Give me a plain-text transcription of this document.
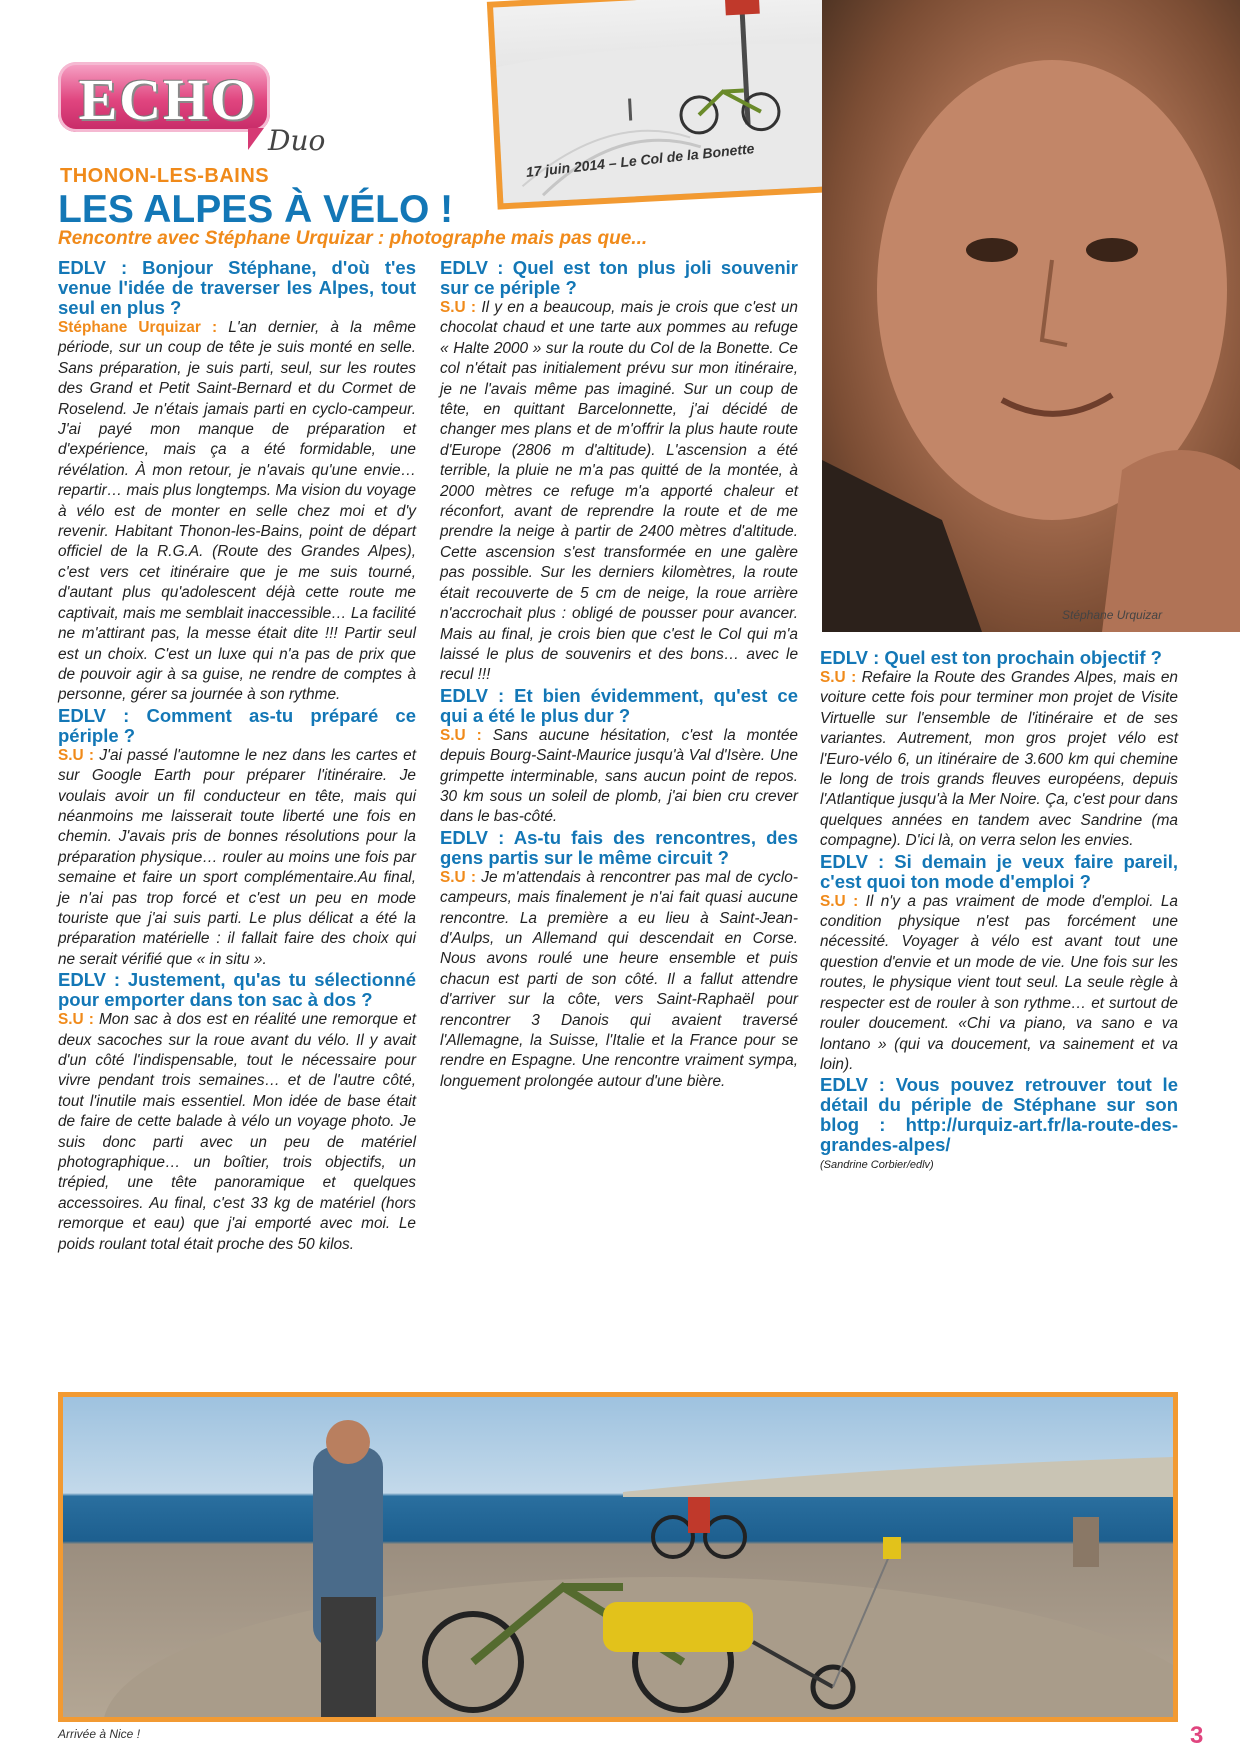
ECHO
Duo
THONON-LES-BAINS
LES ALPES À VÉLO !
Rencontre avec Stéphane Urquizar : photographe mais pas que...
17 juin 2014 – Le Col de la Bonette
Stéphane Urquizar

EDLV : Bonjour Stéphane, d'où t'es venue l'idée de traverser les Alpes, tout seul en plus ?

Stéphane Urquizar : L'an dernier, à la même période, sur un coup de tête je suis monté en selle. Sans préparation, je suis parti, seul, sur les routes des Grand et Petit Saint-Bernard et du Cormet de Roselend. Je n'étais jamais parti en cyclo-campeur. J'ai payé mon manque de préparation et d'expérience, mais ça a été formidable, une révélation. À mon retour, je n'avais qu'une envie… repartir… mais plus longtemps. Ma vision du voyage à vélo est de monter en selle chez moi et d'y revenir. Habitant Thonon-les-Bains, point de départ officiel de la R.G.A. (Route des Grandes Alpes), c'est vers cet itinéraire que je me suis tourné, d'autant plus qu'adolescent déjà cette route me captivait, mais me semblait inaccessible… La facilité ne m'attirant pas, la messe était dite !!! Partir seul est un choix. C'est un luxe qui n'a pas de prix que de pouvoir agir à sa guise, ne rendre de comptes à personne, gérer sa journée à son rythme.

EDLV : Comment as-tu préparé ce périple ?

S.U : J'ai passé l'automne le nez dans les cartes et sur Google Earth pour préparer l'itinéraire. Je voulais avoir un fil conducteur en tête, mais qui néanmoins me laisserait toute liberté une fois en chemin. J'avais pris de bonnes résolutions pour la préparation physique… rouler au moins une fois par semaine et faire un sport complémentaire.Au final, je n'ai pas trop forcé et c'est un peu en mode touriste que j'ai suis parti. Le plus délicat a été la préparation matérielle : il fallait faire des choix qui ne serait vérifié que « in situ ».

EDLV : Justement, qu'as tu sélectionné pour emporter dans ton sac à dos ?

S.U : Mon sac à dos est en réalité une remorque et deux sacoches sur la roue avant du vélo. Il y avait d'un côté l'indispensable, tout le nécessaire pour vivre pendant trois semaines… et de l'autre côté, tout l'inutile mais essentiel. Mon idée de base était de faire de cette balade à vélo un voyage photo. Je suis donc parti avec un peu de matériel photographique… un boîtier, trois objectifs, un trépied, une tête panoramique et quelques accessoires. Au final, c'est 33 kg de matériel (hors remorque et eau) que j'ai emporté avec moi. Le poids roulant total était proche des 50 kilos.

EDLV : Quel est ton plus joli souvenir sur ce périple ?

S.U : Il y en a beaucoup, mais je crois que c'est un chocolat chaud et une tarte aux pommes au refuge « Halte 2000 » sur la route du Col de la Bonette. Ce col n'était pas initialement prévu sur mon itinéraire, je ne l'avais même pas imaginé. Sur un coup de tête, en quittant Barcelonnette, j'ai décidé de changer mes plans et de m'offrir la plus haute route d'Europe (2806 m d'altitude). L'ascension a été terrible, la pluie ne m'a pas quitté de la montée, à 2000 mètres ce refuge m'a apporté chaleur et réconfort, avant de reprendre la route et de me prendre la neige à partir de 2400 mètres d'altitude. Cette ascension s'est transformée en une galère pas possible. Sur les derniers kilomètres, la route était recouverte de 5 cm de neige, la roue arrière n'accrochait plus : obligé de pousser pour avancer. Mais au final, je crois bien que c'est le Col qui m'a laissé le plus de souvenirs et des bons… avec le recul !!!

EDLV : Et bien évidemment, qu'est ce qui a été le plus dur ?

S.U : Sans aucune hésitation, c'est la montée depuis Bourg-Saint-Maurice jusqu'à Val d'Isère. Une grimpette interminable, sans aucun point de repos. 30 km sous un soleil de plomb, j'ai bien cru crever dans le bas-côté.

EDLV : As-tu fais des rencontres, des gens partis sur le même circuit ?

S.U : Je m'attendais à rencontrer pas mal de cyclo-campeurs, mais finalement je n'ai fait quasi aucune rencontre. La première a eu lieu à Saint-Jean-d'Aulps, un Allemand qui descendait en Corse. Nous avons roulé une heure ensemble et puis chacun est parti de son côté. Il a fallut attendre d'arriver sur la côte, vers Saint-Raphaël pour rencontrer 3 Danois qui avaient traversé l'Allemagne, la Suisse, l'Italie et la France pour se rendre en Espagne. Une rencontre vraiment sympa, longuement prolongée autour d'une bière.

EDLV : Quel est ton prochain objectif ?

S.U : Refaire la Route des Grandes Alpes, mais en voiture cette fois pour terminer mon projet de Visite Virtuelle sur l'ensemble de l'itinéraire et de ses variantes. Autrement, mon gros projet vélo est l'Euro-vélo 6, un itinéraire de 3.600 km qui chemine le long de trois grands fleuves européens, depuis l'Atlantique jusqu'à la Mer Noire. Ça, c'est pour dans quelques années en tandem avec Sandrine (ma compagne). D'ici là, on verra selon les envies.

EDLV : Si demain je veux faire pareil, c'est quoi ton mode d'emploi ?

S.U : Il n'y a pas vraiment de mode d'emploi. La condition physique n'est pas forcément une nécessité. Voyager à vélo est avant tout une question d'envie et un mode de vie. Une fois sur les routes, le physique vient tout seul. La seule règle à respecter est de rouler à son rythme… et surtout de rouler doucement. «Chi va piano, va sano e va lontano » (qui va doucement, va sainement et va loin).

EDLV : Vous pouvez retrouver tout le détail du périple de Stéphane sur son blog : http://urquiz-art.fr/la-route-des-grandes-alpes/

(Sandrine Corbier/edlv)

Arrivée à Nice !	3
